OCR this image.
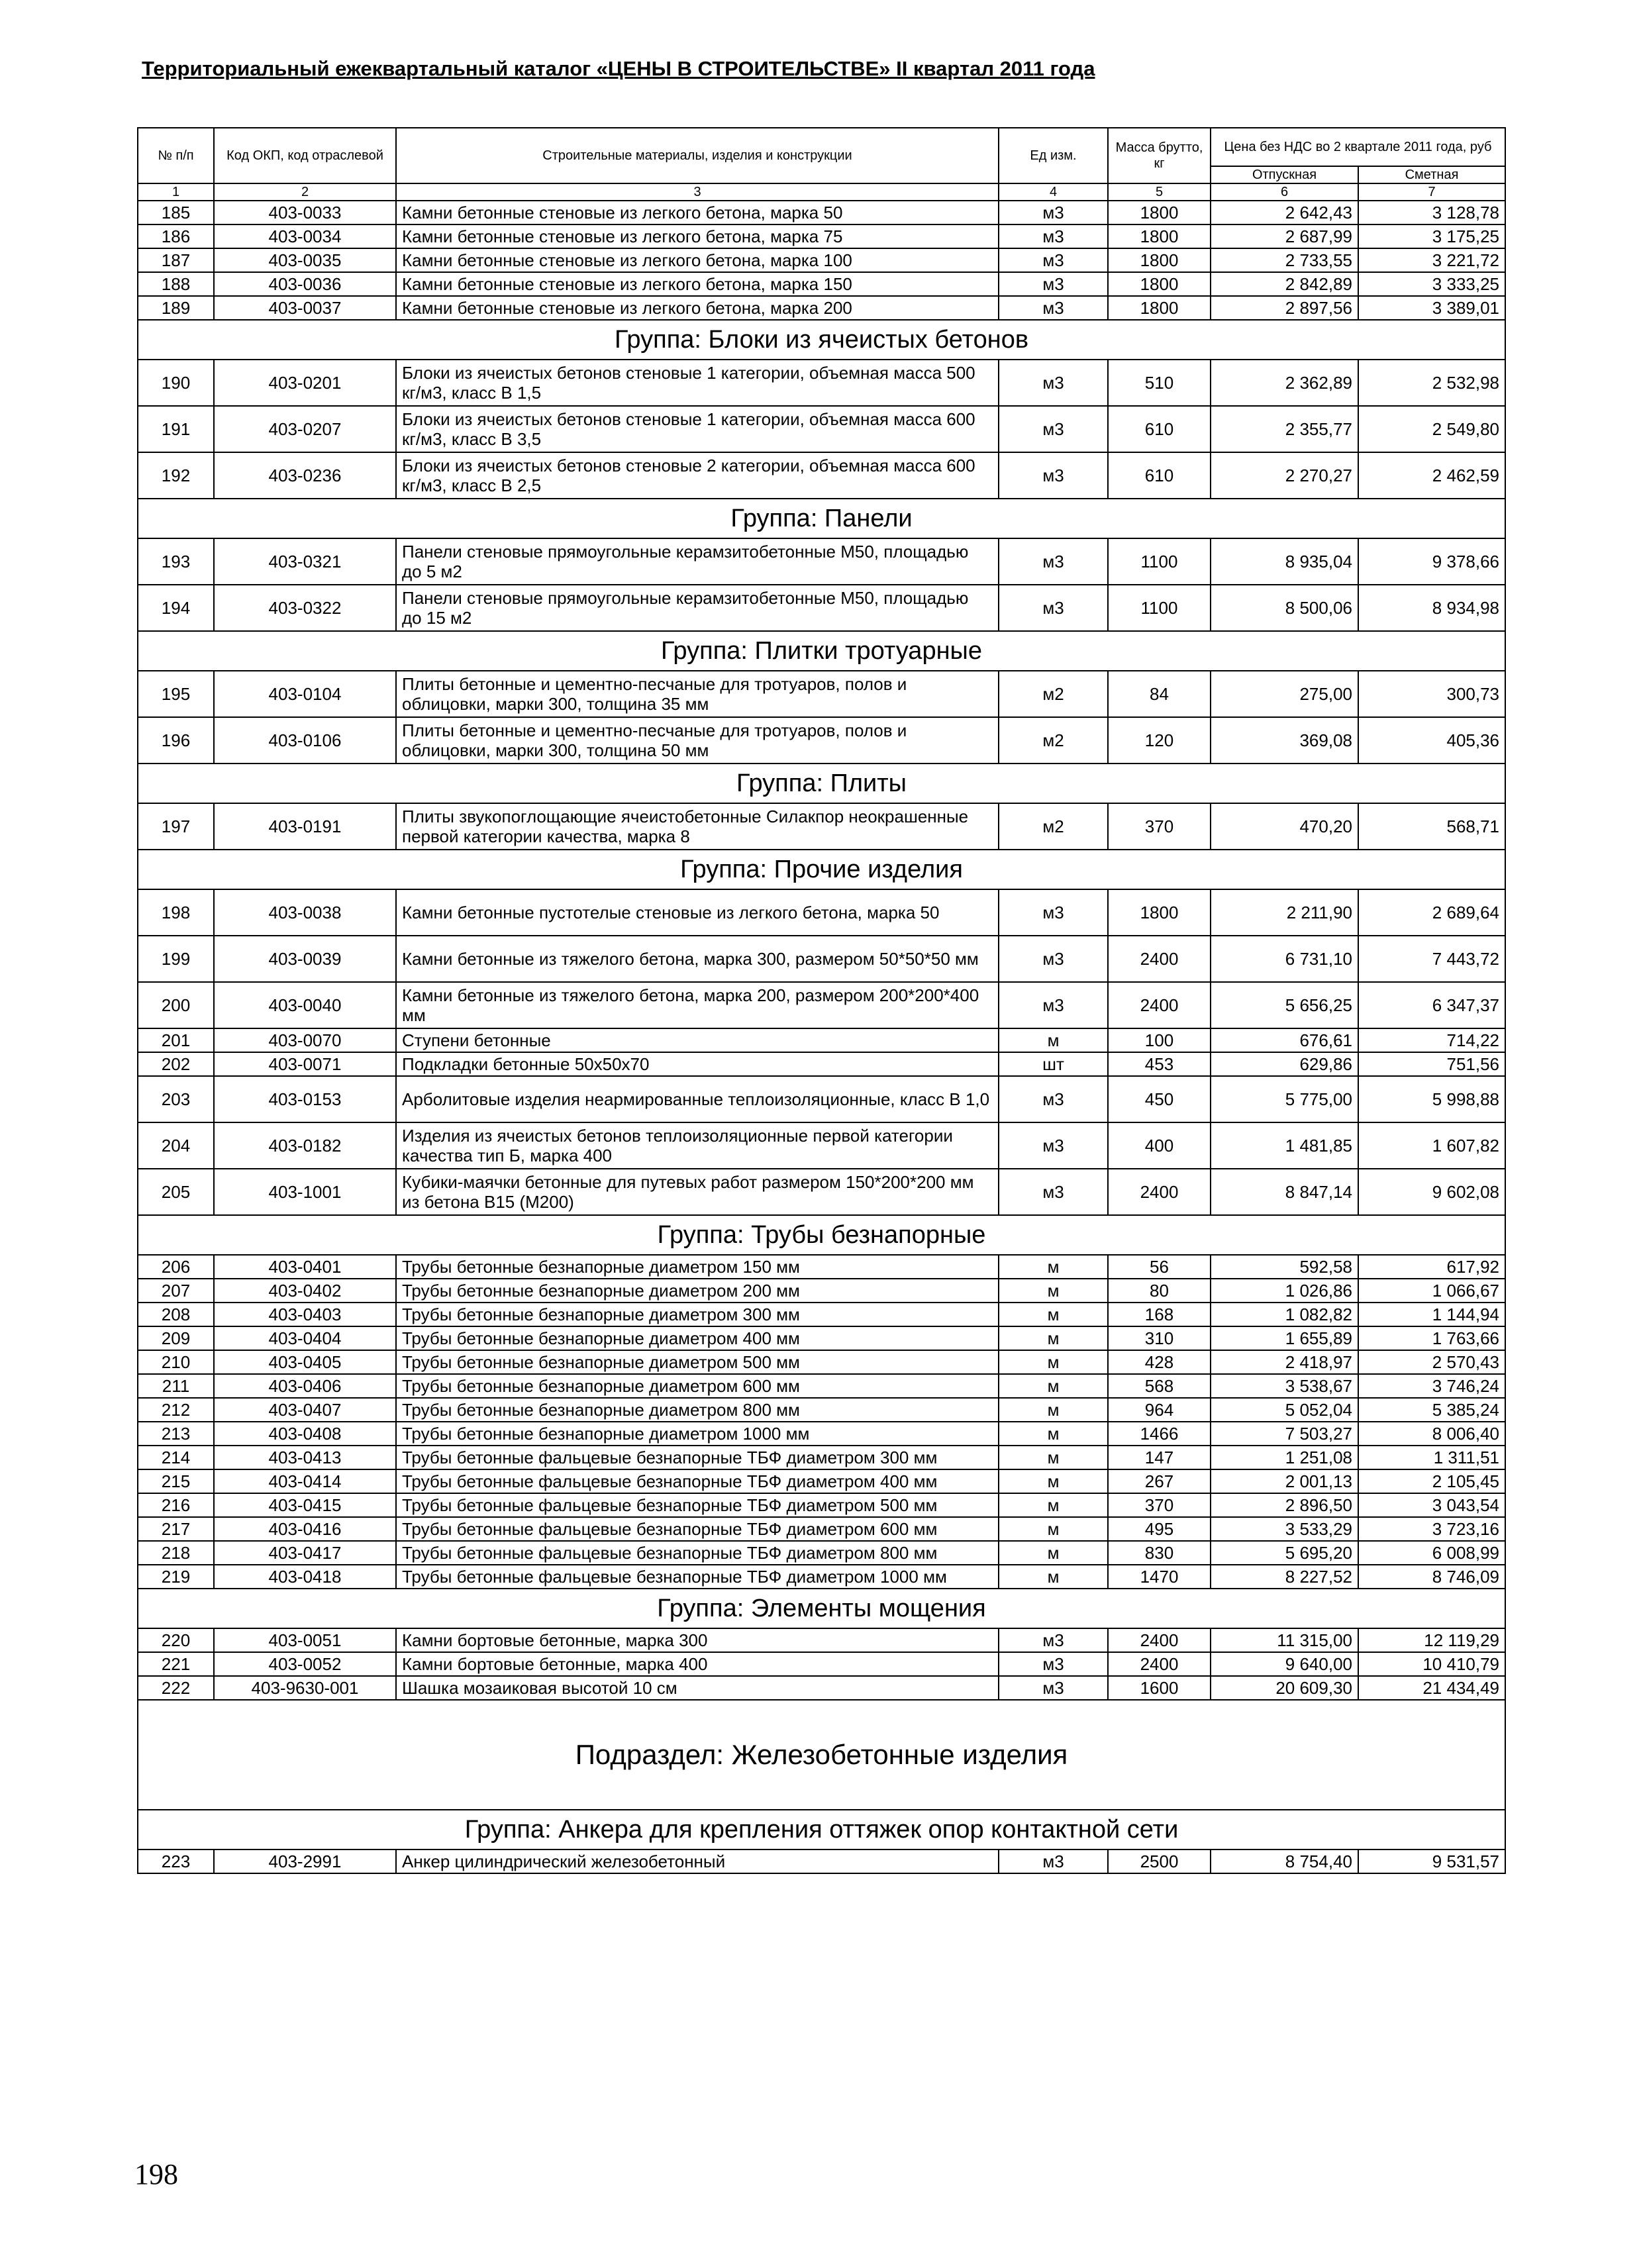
Территориальный ежеквартальный каталог «ЦЕНЫ В СТРОИТЕЛЬСТВЕ» II квартал 2011 года
№ п/п	Код ОКП, код отраслевой	Строительные материалы, изделия и конструкции	Ед изм.	Масса брутто, кг	Цена без НДС во 2 квартале 2011 года, руб	
					Отпускная	Сметная
1	2	3	4	5	6	7
185	403-0033	Камни бетонные стеновые из легкого бетона, марка 50	м3	1800	2 642,43	3 128,78
186	403-0034	Камни бетонные стеновые из легкого бетона, марка 75	м3	1800	2 687,99	3 175,25
187	403-0035	Камни бетонные стеновые из легкого бетона, марка 100	м3	1800	2 733,55	3 221,72
188	403-0036	Камни бетонные стеновые из легкого бетона, марка 150	м3	1800	2 842,89	3 333,25
189	403-0037	Камни бетонные стеновые из легкого бетона, марка 200	м3	1800	2 897,56	3 389,01
Группа: Блоки из ячеистых бетонов						
190	403-0201	Блоки из ячеистых бетонов стеновые 1 категории, объемная масса 500 кг/м3, класс В 1,5	м3	510	2 362,89	2 532,98
191	403-0207	Блоки из ячеистых бетонов стеновые 1 категории, объемная масса 600 кг/м3, класс В 3,5	м3	610	2 355,77	2 549,80
192	403-0236	Блоки из ячеистых бетонов стеновые 2 категории, объемная масса 600 кг/м3, класс В 2,5	м3	610	2 270,27	2 462,59
Группа: Панели						
193	403-0321	Панели стеновые прямоугольные керамзитобетонные М50, площадью до 5 м2	м3	1100	8 935,04	9 378,66
194	403-0322	Панели стеновые прямоугольные керамзитобетонные М50, площадью до 15 м2	м3	1100	8 500,06	8 934,98
Группа: Плитки тротуарные						
195	403-0104	Плиты бетонные и цементно-песчаные для тротуаров, полов и облицовки, марки 300, толщина 35 мм	м2	84	275,00	300,73
196	403-0106	Плиты бетонные и цементно-песчаные для тротуаров, полов и облицовки, марки 300, толщина 50 мм	м2	120	369,08	405,36
Группа: Плиты						
197	403-0191	Плиты звукопоглощающие ячеистобетонные Силакпор неокрашенные первой категории качества, марка 8	м2	370	470,20	568,71
Группа: Прочие изделия						
198	403-0038	Камни бетонные пустотелые стеновые из легкого бетона, марка 50	м3	1800	2 211,90	2 689,64
199	403-0039	Камни бетонные из тяжелого бетона, марка 300, размером 50*50*50 мм	м3	2400	6 731,10	7 443,72
200	403-0040	Камни бетонные из тяжелого бетона, марка 200, размером 200*200*400 мм	м3	2400	5 656,25	6 347,37
201	403-0070	Ступени бетонные	м	100	676,61	714,22
202	403-0071	Подкладки бетонные 50х50х70	шт	453	629,86	751,56
203	403-0153	Арболитовые изделия неармированные теплоизоляционные, класс В 1,0	м3	450	5 775,00	5 998,88
204	403-0182	Изделия из ячеистых бетонов теплоизоляционные первой категории качества тип Б, марка 400	м3	400	1 481,85	1 607,82
205	403-1001	Кубики-маячки бетонные для путевых работ размером 150*200*200 мм из бетона В15 (М200)	м3	2400	8 847,14	9 602,08
Группа: Трубы безнапорные						
206	403-0401	Трубы бетонные безнапорные диаметром 150 мм	м	56	592,58	617,92
207	403-0402	Трубы бетонные безнапорные диаметром 200 мм	м	80	1 026,86	1 066,67
208	403-0403	Трубы бетонные безнапорные диаметром 300 мм	м	168	1 082,82	1 144,94
209	403-0404	Трубы бетонные безнапорные диаметром 400 мм	м	310	1 655,89	1 763,66
210	403-0405	Трубы бетонные безнапорные диаметром 500 мм	м	428	2 418,97	2 570,43
211	403-0406	Трубы бетонные безнапорные диаметром 600 мм	м	568	3 538,67	3 746,24
212	403-0407	Трубы бетонные безнапорные диаметром 800 мм	м	964	5 052,04	5 385,24
213	403-0408	Трубы бетонные безнапорные диаметром 1000 мм	м	1466	7 503,27	8 006,40
214	403-0413	Трубы бетонные фальцевые безнапорные ТБФ диаметром 300 мм	м	147	1 251,08	1 311,51
215	403-0414	Трубы бетонные фальцевые безнапорные ТБФ диаметром 400 мм	м	267	2 001,13	2 105,45
216	403-0415	Трубы бетонные фальцевые безнапорные ТБФ диаметром 500 мм	м	370	2 896,50	3 043,54
217	403-0416	Трубы бетонные фальцевые безнапорные ТБФ диаметром 600 мм	м	495	3 533,29	3 723,16
218	403-0417	Трубы бетонные фальцевые безнапорные ТБФ диаметром 800 мм	м	830	5 695,20	6 008,99
219	403-0418	Трубы бетонные фальцевые безнапорные ТБФ диаметром 1000 мм	м	1470	8 227,52	8 746,09
Группа: Элементы мощения						
220	403-0051	Камни бортовые бетонные, марка 300	м3	2400	11 315,00	12 119,29
221	403-0052	Камни бортовые бетонные, марка 400	м3	2400	9 640,00	10 410,79
222	403-9630-001	Шашка мозаиковая высотой 10 см	м3	1600	20 609,30	21 434,49
Подраздел: Железобетонные изделия						
Группа: Анкера для крепления оттяжек опор контактной сети						
223	403-2991	Анкер цилиндрический железобетонный	м3	2500	8 754,40	9 531,57
198
